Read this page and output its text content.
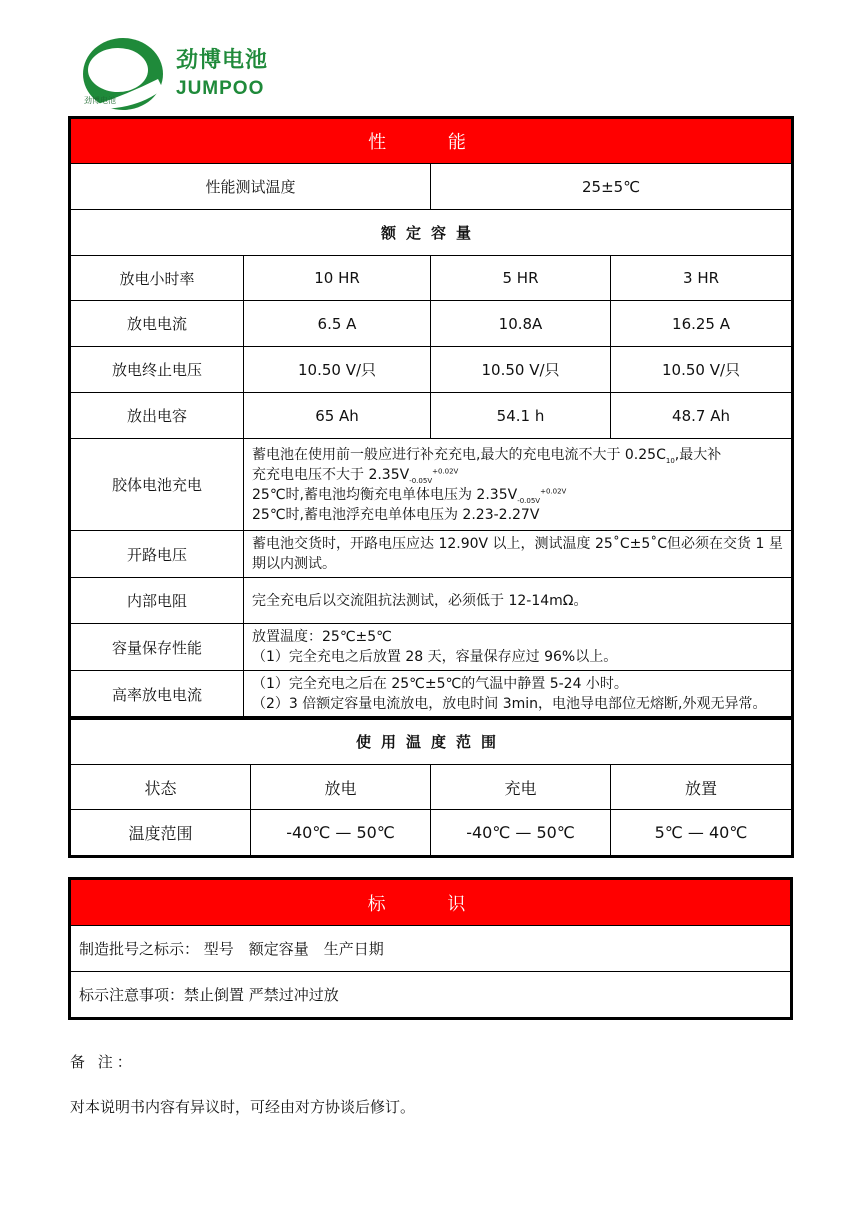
劲博电池
劲博电池
JUMPOO
性 能			
性能测试温度		25±5℃	
额定容量			
放电小时率	10 HR	5 HR	3 HR
放电电流	6.5 A	10.8A	16.25 A
放电终止电压	10.50 V/只	10.50 V/只	10.50 V/只
放出电容	65 Ah	54.1 h	48.7 Ah
胶体电池充电	蓄电池在使用前一般应进行补充充电,最大的充电电流不大于 $0.25C_{10}$,最大补
充充电电压不大于 $2.35V_{-0.05V}^{+0.02V}$
25℃时,蓄电池均衡充电单体电压为 $2.35V_{-0.05V}^{+0.02V}$
25℃时,蓄电池浮充电单体电压为 2.23-2.27V		

开路电压	蓄电池交货时，开路电压应达 12.90V 以上，测试温度 25˚C±5˚C但必须在交货 1 星期以内测试。		
内部电阻	完全充电后以交流阻抗法测试，必须低于 12-14mΩ。		
容量保存性能	放置温度：25℃±5℃
（1）完全充电之后放置 28 天，容量保存应过 96%以上。		

高率放电电流	（1）完全充电之后在 25℃±5℃的气温中静置 5-24 小时。
（2）3 倍额定容量电流放电，放电时间 3min，电池导电部位无熔断,外观无异常。		
使用温度范围			
状态	放电	充电	放置
温度范围	-40℃ — 50℃	-40℃ — 50℃	5℃ — 40℃
标 识
制造批号之标示： 型号　额定容量　生产日期
标示注意事项：禁止倒置 严禁过冲过放
备 注：
对本说明书内容有异议时，可经由对方协谈后修订。
